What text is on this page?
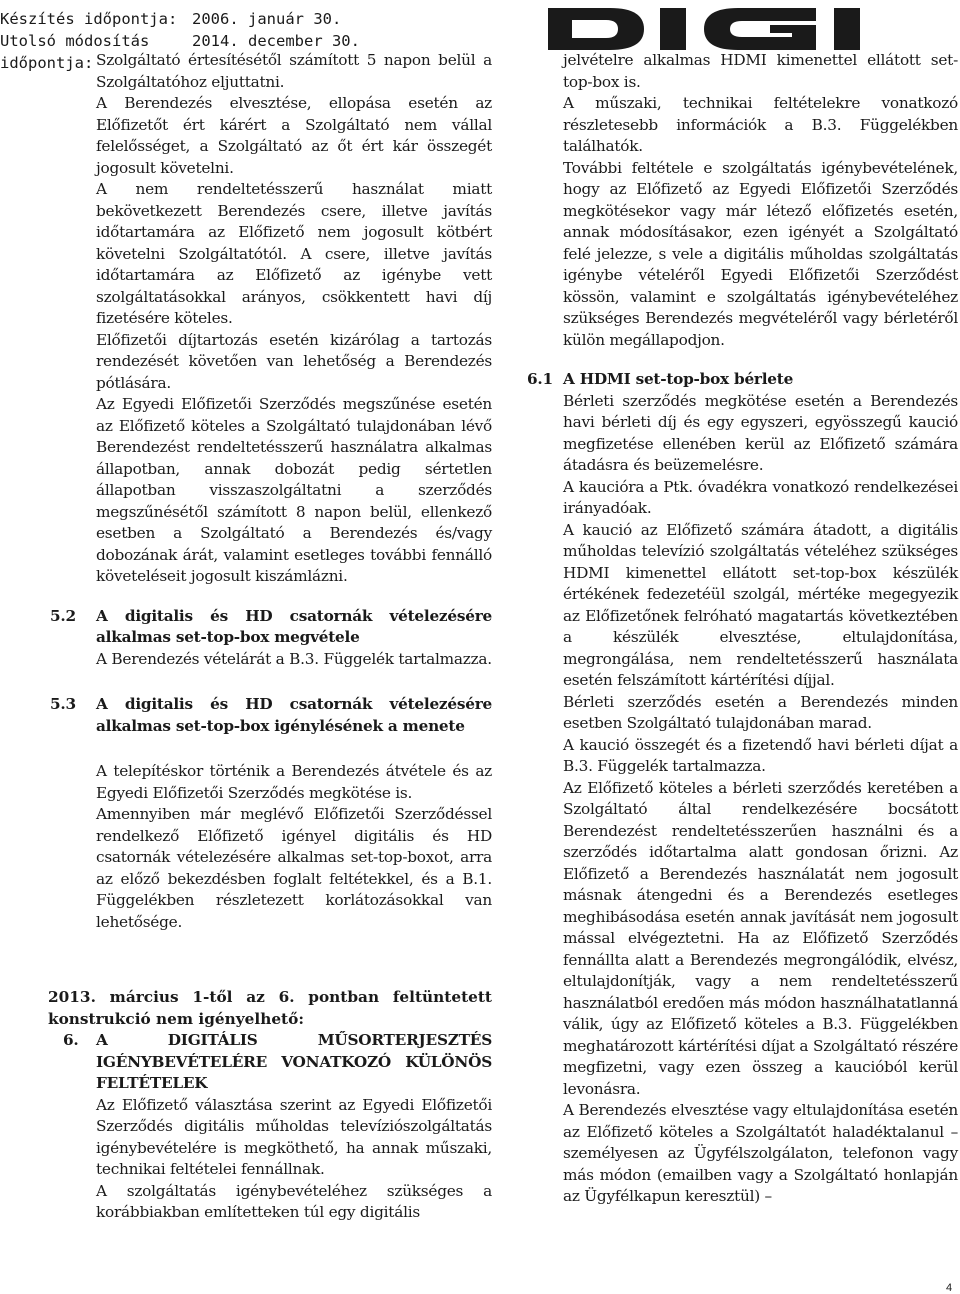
Készítés időpontja: 2006. január 30.
Utolsó módosítás időpontja:
2014. december 30.

Szolgáltató értesítésétől számított 5 napon belül a Szolgáltatóhoz eljuttatni.

A Berendezés elvesztése, ellopása esetén az Előfizetőt ért kárért a Szolgáltató nem vállal felelősséget, a Szolgáltató az őt ért kár összegét jogosult követelni.

A nem rendeltetésszerű használat miatt bekövetkezett Berendezés csere, illetve javítás időtartamára az Előfizető nem jogosult kötbért követelni Szolgáltatótól. A csere, illetve javítás időtartamára az Előfizető az igénybe vett szolgáltatásokkal arányos, csökkentett havi díj fizetésére köteles.

Előfizetői díjtartozás esetén kizárólag a tartozás rendezését követően van lehetőség a Berendezés pótlására.

Az Egyedi Előfizetői Szerződés megszűnése esetén az Előfizető köteles a Szolgáltató tulajdonában lévő Berendezést rendeltetésszerű használatra alkalmas állapotban, annak dobozát pedig sértetlen állapotban visszaszolgáltatni a szerződés megszűnésétől számított 8 napon belül, ellenkező esetben a Szolgáltató a Berendezés és/vagy dobozának árát, valamint esetleges további fennálló követeléseit jogosult kiszámlázni.

5.2 A digitalis és HD csatornák vételezésére alkalmas set-top-box megvétele

A Berendezés vételárát a B.3. Függelék tartalmazza.

5.3 A digitalis és HD csatornák vételezésére alkalmas set-top-box igénylésének a menete

A telepítéskor történik a Berendezés átvétele és az Egyedi Előfizetői Szerződés megkötése is.

Amennyiben már meglévő Előfizetői Szerződéssel rendelkező Előfizető igényel digitális és HD csatornák vételezésére alkalmas set-top-boxot, arra az előző bekezdésben foglalt feltétekkel, és a B.1. Függelékben részletezett korlátozásokkal van lehetősége.

2013. március 1-től az 6. pontban feltüntetett konstrukció nem igényelhető:

6. A DIGITÁLIS MŰSORTERJESZTÉS IGÉNYBEVÉTELÉRE VONATKOZÓ KÜLÖNÖS FELTÉTELEK

Az Előfizető választása szerint az Egyedi Előfizetői Szerződés digitális műholdas televíziószolgáltatás igénybevételére is megköthető, ha annak műszaki, technikai feltételei fennállnak.

A szolgáltatás igénybevételéhez szükséges a korábbiakban említetteken túl egy digitális

jelvételre alkalmas HDMI kimenettel ellátott set-top-box is.

A műszaki, technikai feltételekre vonatkozó részletesebb információk a B.3. Függelékben találhatók.

További feltétele e szolgáltatás igénybevételének, hogy az Előfizető az Egyedi Előfizetői Szerződés megkötésekor vagy már létező előfizetés esetén, annak módosításakor, ezen igényét a Szolgáltató felé jelezze, s vele a digitális műholdas szolgáltatás igénybe vételéről Egyedi Előfizetői Szerződést kössön, valamint e szolgáltatás igénybevételéhez szükséges Berendezés megvételéről vagy bérletéről külön megállapodjon.

6.1 A HDMI set-top-box bérlete

Bérleti szerződés megkötése esetén a Berendezés havi bérleti díj és egy egyszeri, egyösszegű kaució megfizetése ellenében kerül az Előfizető számára átadásra és beüzemelésre.

A kaucióra a Ptk. óvadékra vonatkozó rendelkezései irányadóak.

A kaució az Előfizető számára átadott, a digitális műholdas televízió szolgáltatás vételéhez szükséges HDMI kimenettel ellátott set-top-box készülék értékének fedezetéül szolgál, mértéke megegyezik az Előfizetőnek felróható magatartás következtében a készülék elvesztése, eltulajdonítása, megrongálása, nem rendeltetésszerű használata esetén felszámított kártérítési díjjal.

Bérleti szerződés esetén a Berendezés minden esetben Szolgáltató tulajdonában marad.

A kaució összegét és a fizetendő havi bérleti díjat a B.3. Függelék tartalmazza.

Az Előfizető köteles a bérleti szerződés keretében a Szolgáltató által rendelkezésére bocsátott Berendezést rendeltetésszerűen használni és a szerződés időtartalma alatt gondosan őrizni. Az Előfizető a Berendezés használatát nem jogosult másnak átengedni és a Berendezés esetleges meghibásodása esetén annak javítását nem jogosult mással elvégeztetni. Ha az Előfizető Szerződés fennállta alatt a Berendezés megrongálódik, elvész, eltulajdonítják, vagy a nem rendeltetésszerű használatból eredően más módon használhatatlanná válik, úgy az Előfizető köteles a B.3. Függelékben meghatározott kártérítési díjat a Szolgáltató részére megfizetni, vagy ezen összeg a kaucióból kerül levonásra.

A Berendezés elvesztése vagy eltulajdonítása esetén az Előfizető köteles a Szolgáltatót haladéktalanul – személyesen az Ügyfélszolgálaton, telefonon vagy más módon (emailben vagy a Szolgáltató honlapján az Ügyfélkapun keresztül) –

4
